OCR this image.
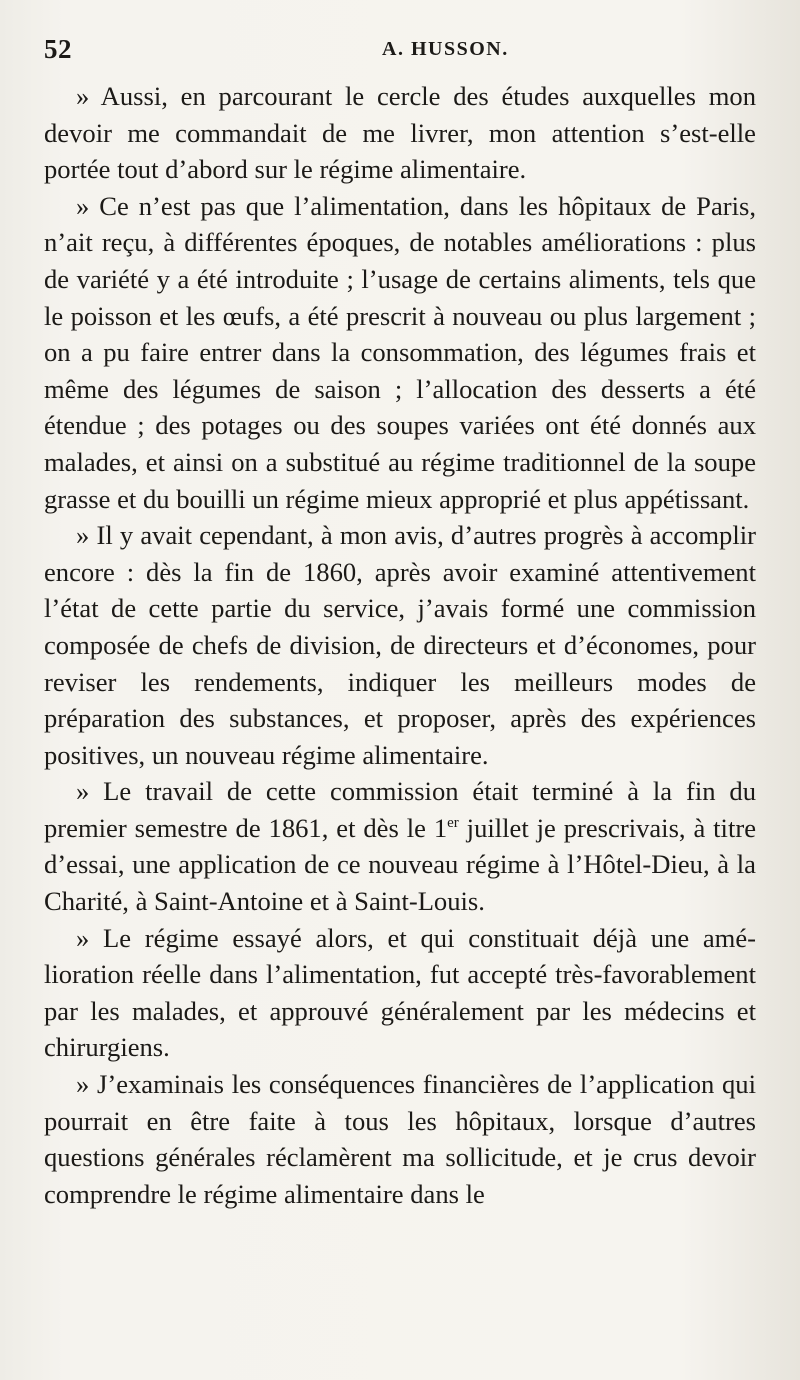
52	A. HUSSON.

» Aussi, en parcourant le cercle des études auxquelles mon devoir me commandait de me livrer, mon attention s’est-elle portée tout d’abord sur le régime alimentaire.

» Ce n’est pas que l’alimentation, dans les hôpitaux de Paris, n’ait reçu, à différentes époques, de notables améliorations : plus de variété y a été introduite ; l’usage de certains aliments, tels que le poisson et les œufs, a été prescrit à nouveau ou plus largement ; on a pu faire entrer dans la consommation, des légumes frais et même des légumes de saison ; l’allocation des desserts a été étendue ; des potages ou des soupes variées ont été donnés aux malades, et ainsi on a substitué au régime traditionnel de la soupe grasse et du bouilli un régime mieux approprié et plus appétissant.

» Il y avait cependant, à mon avis, d’autres progrès à accomplir encore : dès la fin de 1860, après avoir examiné attentivement l’état de cette partie du service, j’avais formé une commission composée de chefs de division, de directeurs et d’économes, pour reviser les rendements, indiquer les meilleurs modes de préparation des substances, et proposer, après des expériences positives, un nouveau régime alimentaire.

» Le travail de cette commission était terminé à la fin du premier semestre de 1861, et dès le 1er juillet je prescrivais, à titre d’essai, une application de ce nouveau régime à l’Hôtel-Dieu, à la Charité, à Saint-Antoine et à Saint-Louis.

» Le régime essayé alors, et qui constituait déjà une amélioration réelle dans l’alimentation, fut accepté très-favorablement par les malades, et approuvé généralement par les médecins et chirurgiens.

» J’examinais les conséquences financières de l’application qui pourrait en être faite à tous les hôpitaux, lorsque d’autres questions générales réclamèrent ma sollicitude, et je crus devoir comprendre le régime alimentaire dans le
